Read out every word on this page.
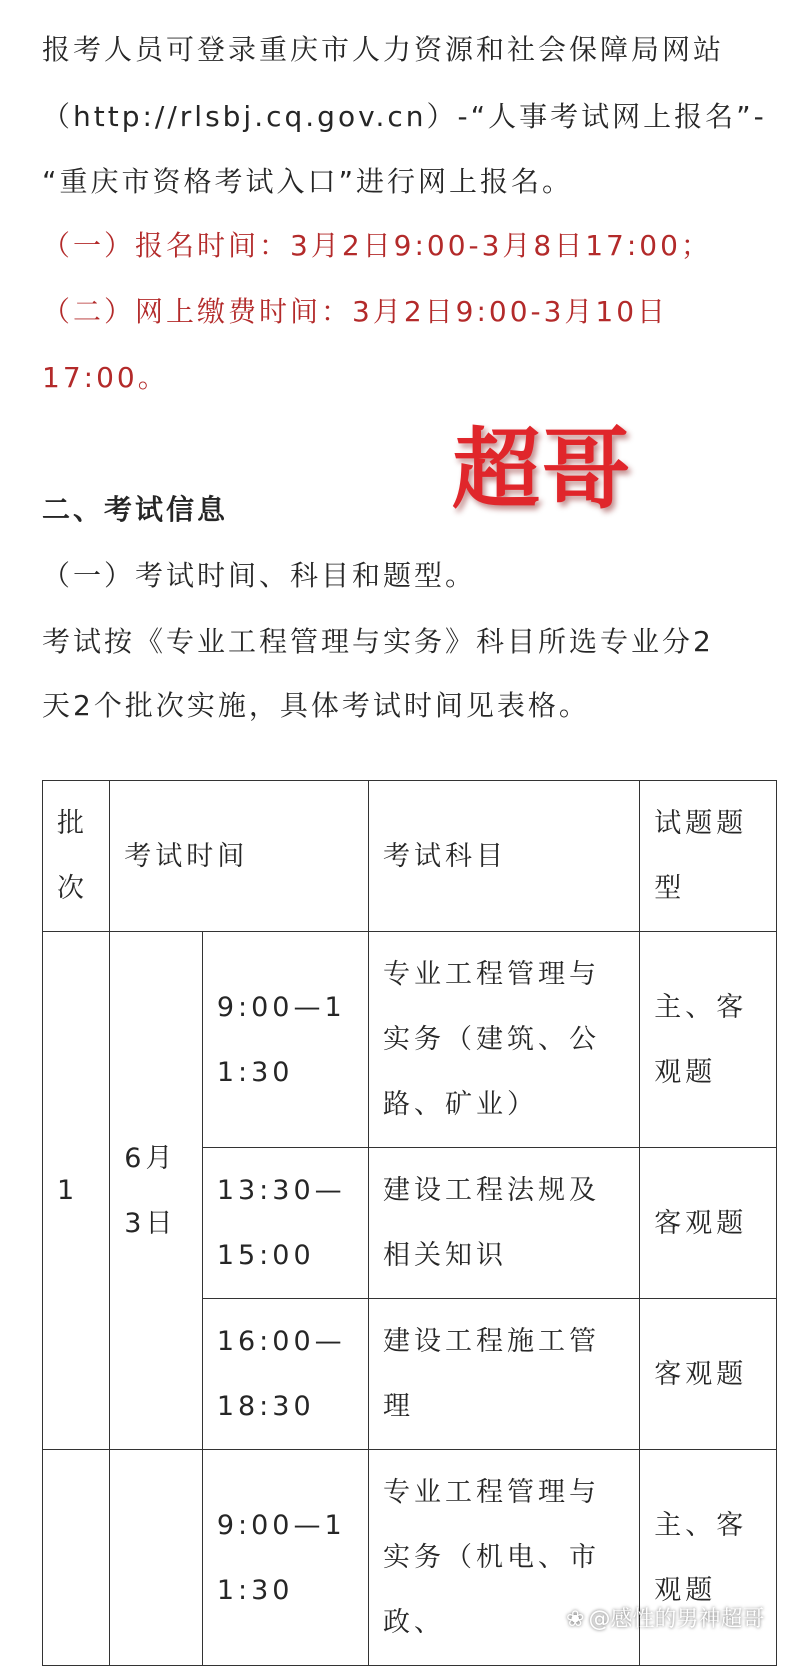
报考人员可登录重庆市人力资源和社会保障局网站

（http://rlsbj.cq.gov.cn）-“人事考试网上报名”-

“重庆市资格考试入口”进行网上报名。

（一）报名时间：3月2日9:00-3月8日17:00；

（二）网上缴费时间：3月2日9:00-3月10日

17:00。

超哥

二、考试信息

（一）考试时间、科目和题型。

考试按《专业工程管理与实务》科目所选专业分2

天2个批次实施，具体考试时间见表格。

批次	考试时间		考试科目	试题题型
1	6月3日	9:00—11:30	专业工程管理与实务（建筑、公路、矿业）	主、客观题
		13:30—15:00	建设工程法规及相关知识	客观题
		16:00—18:30	建设工程施工管理	客观题
		9:00—11:30	专业工程管理与实务（机电、市政、	主、客观题
❀ @感性的男神超哥
